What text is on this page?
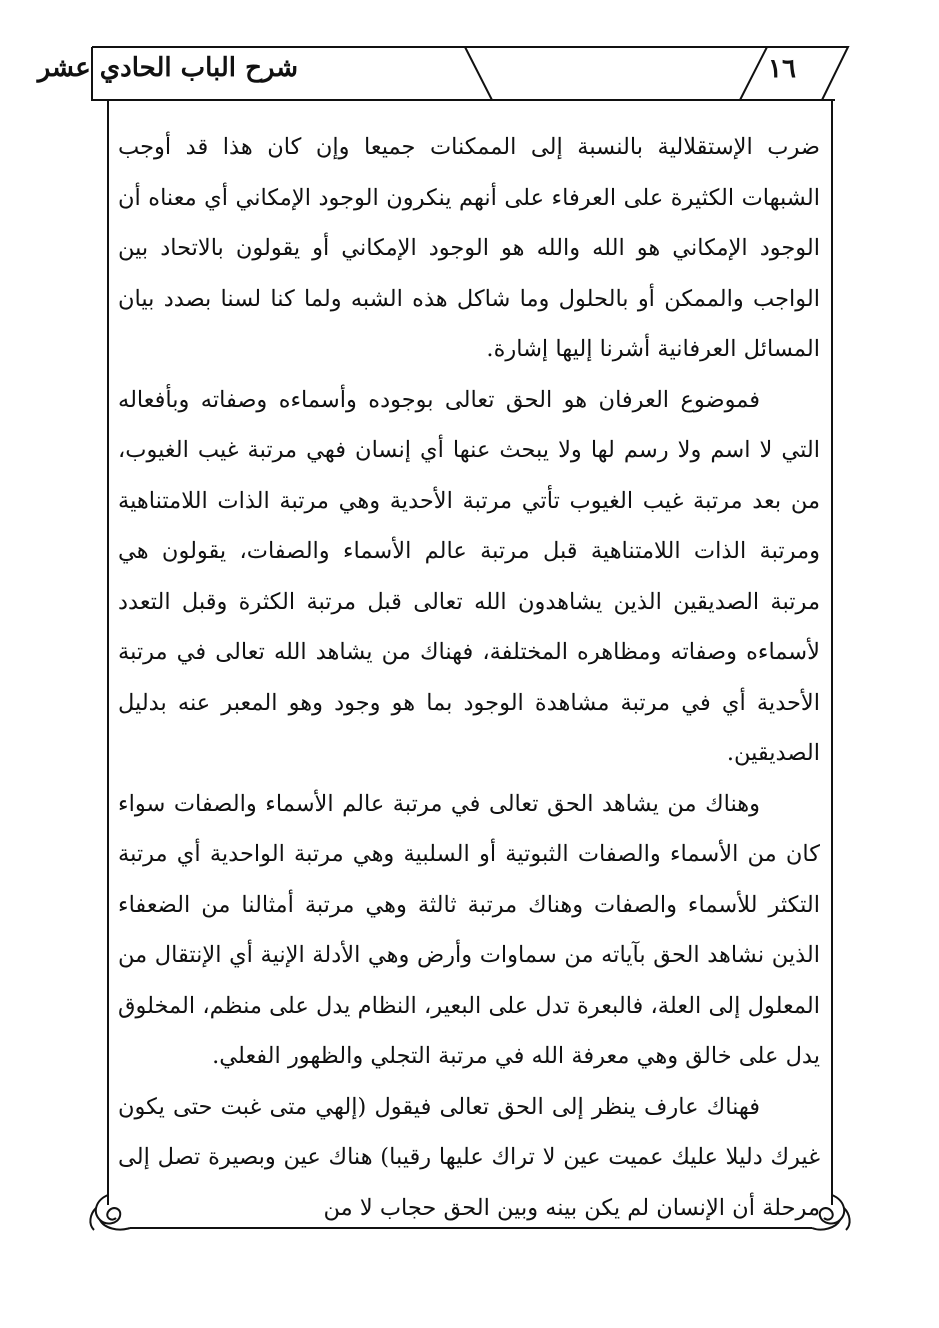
١٦
شرح الباب الحادي عشر

ضرب الإستقلالية بالنسبة إلى الممكنات جميعا وإن كان هذا قد أوجب الشبهات الكثيرة على العرفاء على أنهم ينكرون الوجود الإمكاني أي معناه أن الوجود الإمكاني هو الله والله هو الوجود الإمكاني أو يقولون بالاتحاد بين الواجب والممكن أو بالحلول وما شاكل هذه الشبه ولما كنا لسنا بصدد بيان المسائل العرفانية أشرنا إليها إشارة.

فموضوع العرفان هو الحق تعالى بوجوده وأسماءه وصفاته وبأفعاله التي لا اسم ولا رسم لها ولا يبحث عنها أي إنسان فهي مرتبة غيب الغيوب، من بعد مرتبة غيب الغيوب تأتي مرتبة الأحدية وهي مرتبة الذات اللامتناهية ومرتبة الذات اللامتناهية قبل مرتبة عالم الأسماء والصفات، يقولون هي مرتبة الصديقين الذين يشاهدون الله تعالى قبل مرتبة الكثرة وقبل التعدد لأسماءه وصفاته ومظاهره المختلفة، فهناك من يشاهد الله تعالى في مرتبة الأحدية أي في مرتبة مشاهدة الوجود بما هو وجود وهو المعبر عنه بدليل الصديقين.

وهناك من يشاهد الحق تعالى في مرتبة عالم الأسماء والصفات سواء كان من الأسماء والصفات الثبوتية أو السلبية وهي مرتبة الواحدية أي مرتبة التكثر للأسماء والصفات وهناك مرتبة ثالثة وهي مرتبة أمثالنا من الضعفاء الذين نشاهد الحق بآياته من سماوات وأرض وهي الأدلة الإنية أي الإنتقال من المعلول إلى العلة، فالبعرة تدل على البعير، النظام يدل على منظم، المخلوق يدل على خالق وهي معرفة الله في مرتبة التجلي والظهور الفعلي.

فهناك عارف ينظر إلى الحق تعالى فيقول (إلهي متى غبت حتى يكون غيرك دليلا عليك عميت عين لا تراك عليها رقيبا) هناك عين وبصيرة تصل إلى مرحلة أن الإنسان لم يكن بينه وبين الحق حجاب لا من
